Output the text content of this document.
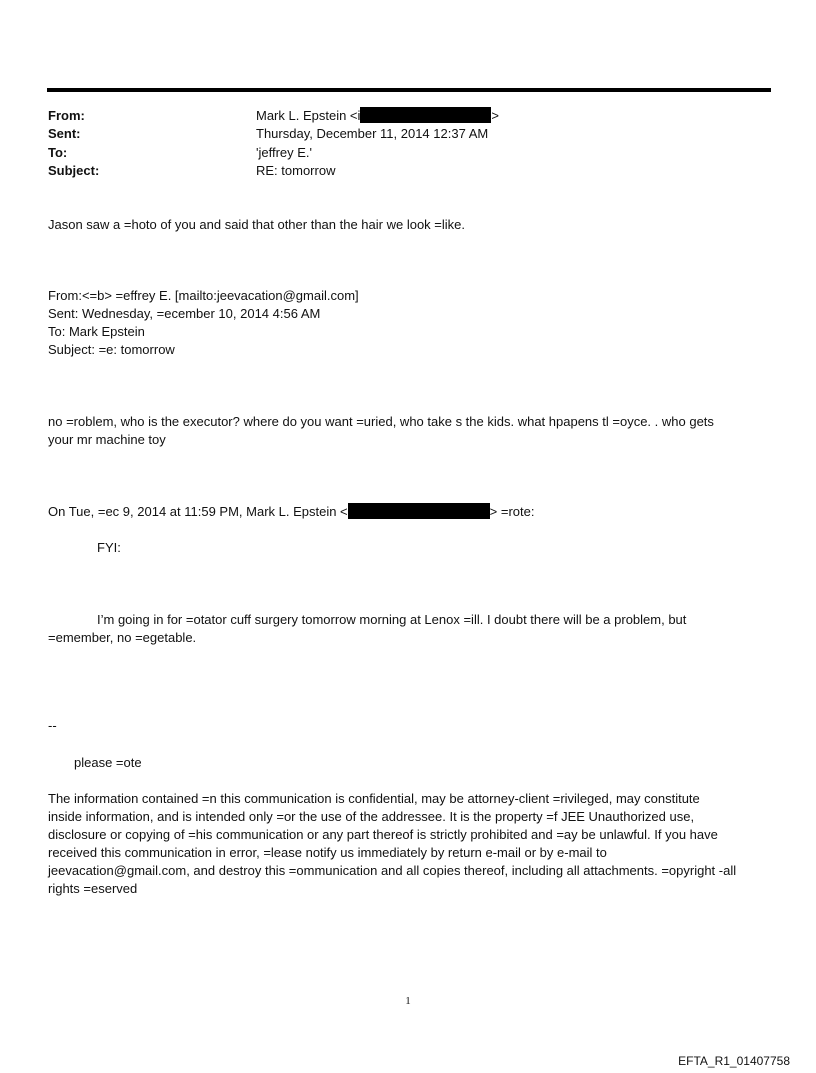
From:	Mark L. Epstein <i	>
Sent:	Thursday, December 11, 2014 12:37 AM
To:	'jeffrey E.'
Subject:	RE: tomorrow
Jason saw a =hoto of you and said that other than the hair we look =like.
From:<=b> =effrey E. [mailto:jeevacation@gmail.com]
Sent: Wednesday, =ecember 10, 2014 4:56 AM
To: Mark Epstein
Subject: =e: tomorrow
no =roblem, who is the executor? where do you want =uried, who take s the kids. what hpapens tl =oyce. . who gets
your mr machine toy
On Tue, =ec 9, 2014 at 11:59 PM, Mark L. Epstein <	> =rote:
FYI:
I’m going in for =otator cuff surgery tomorrow morning at Lenox =ill. I doubt there will be a problem, but
=emember, no =egetable.
--
please =ote
The information contained =n this communication is confidential, may be attorney-client =rivileged, may constitute
inside information, and is intended only =or the use of the addressee. It is the property =f JEE Unauthorized use,
disclosure or copying of =his communication or any part thereof is strictly prohibited and =ay be unlawful. If you have
received this communication in error, =lease notify us immediately by return e-mail or by e-mail to
jeevacation@gmail.com, and destroy this =ommunication and all copies thereof, including all attachments. =opyright -all
rights =eserved
1
EFTA_R1_01407758
